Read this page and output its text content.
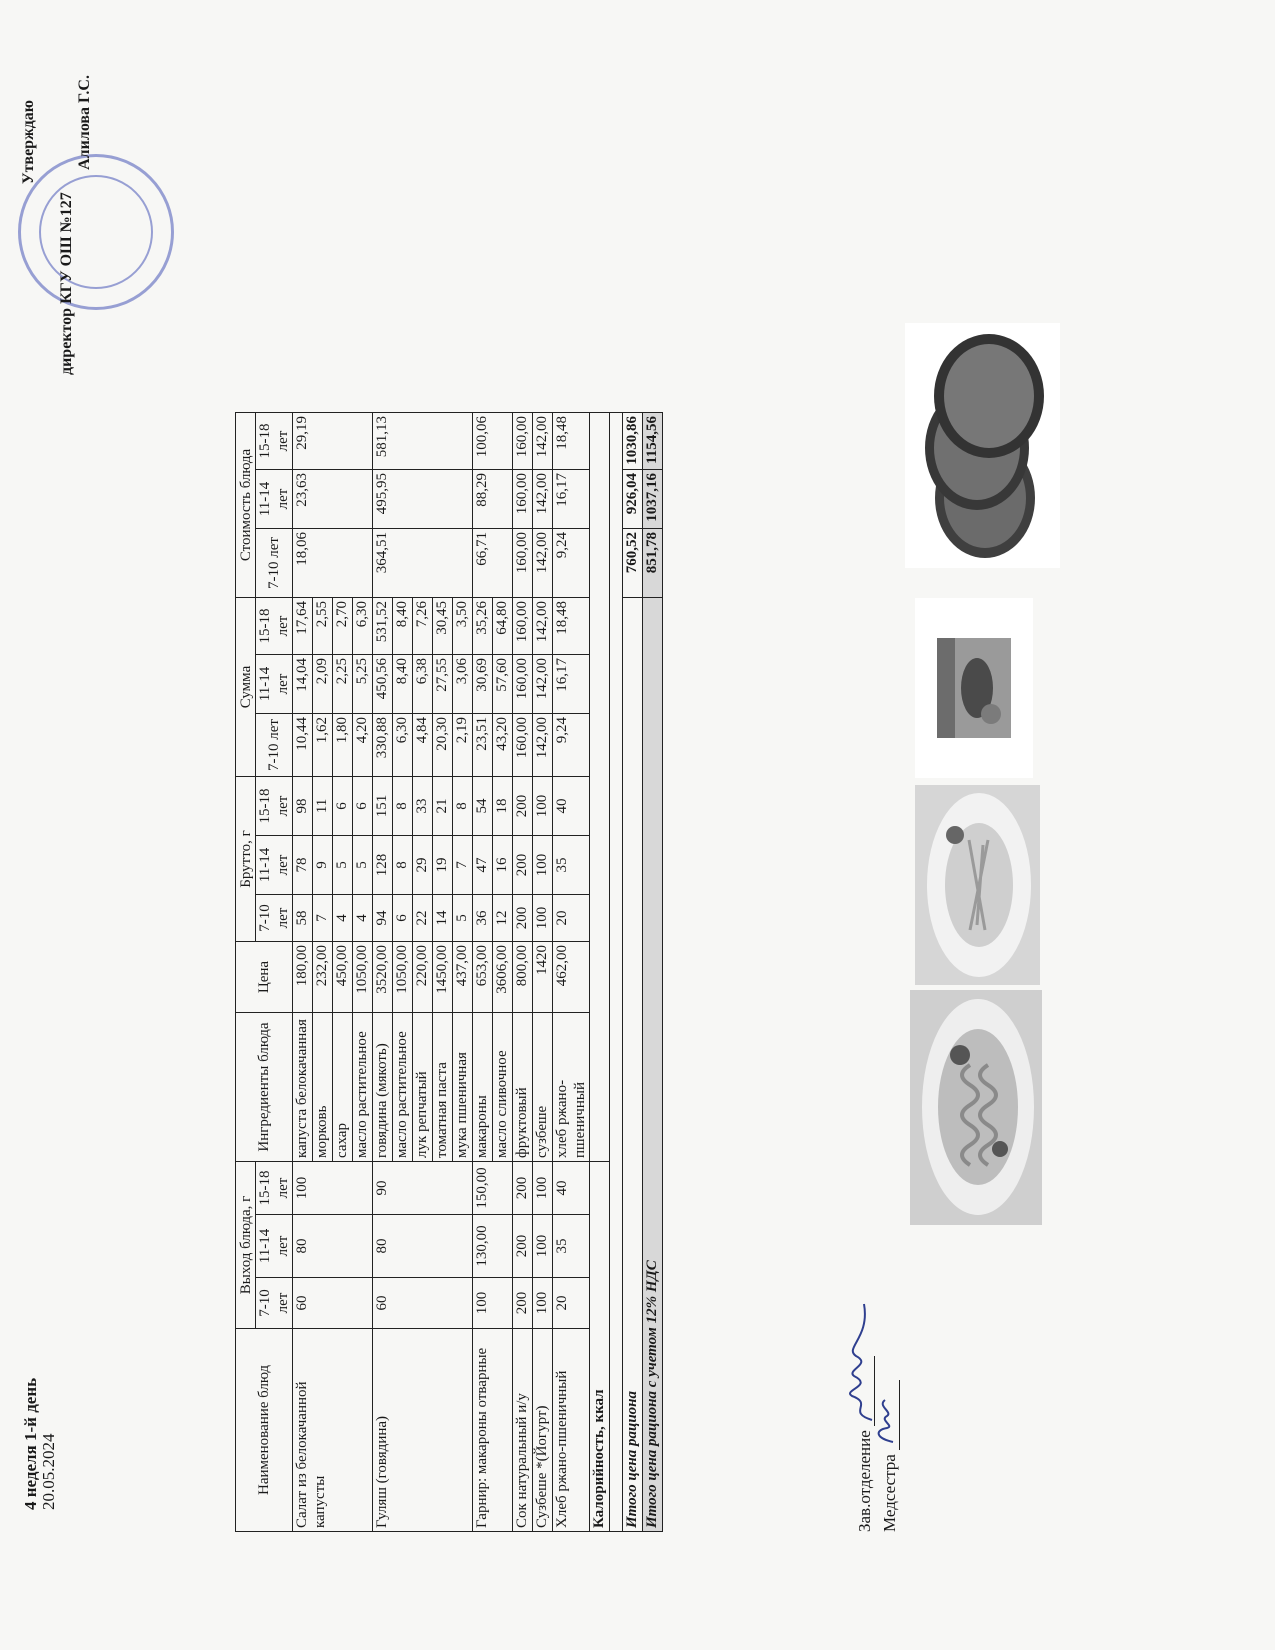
4 неделя 1-й день 20.05.2024
Утверждаю
директор КГУ ОШ №127
Алилова Г.С.
Наименование блюд	Выход блюда, г			Ингредиенты блюда	Цена	Брутто, г			Сумма			Стоимость блюда		
	7-10 лет	11-14 лет	15-18 лет			7-10 лет	11-14 лет	15-18 лет	7-10 лет	11-14 лет	15-18 лет	7-10 лет	11-14 лет	15-18 лет
Салат из белокачанной капусты	60	80	100	капуста белокачанная	180,00	58	78	98	10,44	14,04	17,64	18,06	23,63	29,19
				морковь	232,00	7	9	11	1,62	2,09	2,55			
				сахар	450,00	4	5	6	1,80	2,25	2,70			
				масло растительное	1050,00	4	5	6	4,20	5,25	6,30			
Гуляш (говядина)	60	80	90	говядина (мякоть)	3520,00	94	128	151	330,88	450,56	531,52	364,51	495,95	581,13
				масло растительное	1050,00	6	8	8	6,30	8,40	8,40			
				лук репчатый	220,00	22	29	33	4,84	6,38	7,26			
				томатная паста	1450,00	14	19	21	20,30	27,55	30,45			
				мука пшеничная	437,00	5	7	8	2,19	3,06	3,50			
Гарнир: макароны отварные	100	130,00	150,00	макароны	653,00	36	47	54	23,51	30,69	35,26	66,71	88,29	100,06
				масло сливочное	3606,00	12	16	18	43,20	57,60	64,80			
Сок натуральный и/у	200	200	200	фруктовый	800,00	200	200	200	160,00	160,00	160,00	160,00	160,00	160,00
Сузбеше *(Йогурт)	100	100	100	сузбеше	1420	100	100	100	142,00	142,00	142,00	142,00	142,00	142,00
Хлеб ржано-пшеничный	20	35	40	хлеб ржано-пшеничный	462,00	20	35	40	9,24	16,17	18,48	9,24	16,17	18,48
Калорийность, ккал														

Итого цена рациона												760,52	926,04	1030,86
Итого цена рациона с учетом 12% НДС												851,78	1037,16	1154,56
Зав.отделение Медсестра
